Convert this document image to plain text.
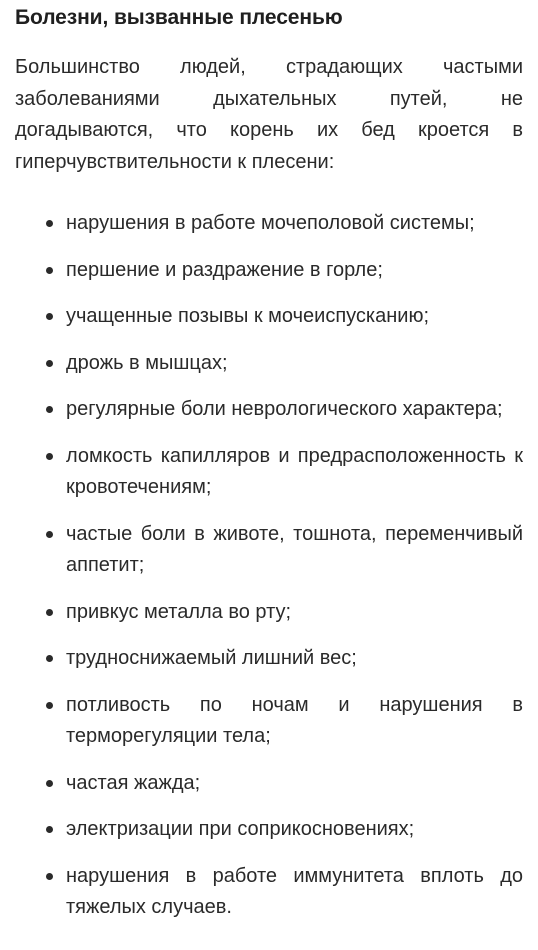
Болезни, вызванные плесенью

Большинство людей, страдающих частыми заболеваниями дыхательных путей, не догадываются, что корень их бед кроется в гиперчувствительности к плесени:

нарушения в работе мочеполовой системы;
першение и раздражение в горле;
учащенные позывы к мочеиспусканию;
дрожь в мышцах;
регулярные боли неврологического характера;
ломкость капилляров и предрасположенность к кровотечениям;
частые боли в животе, тошнота, переменчивый аппетит;
привкус металла во рту;
трудноснижаемый лишний вес;
потливость по ночам и нарушения в терморегуляции тела;
частая жажда;
электризации при соприкосновениях;
нарушения в работе иммунитета вплоть до тяжелых случаев.
